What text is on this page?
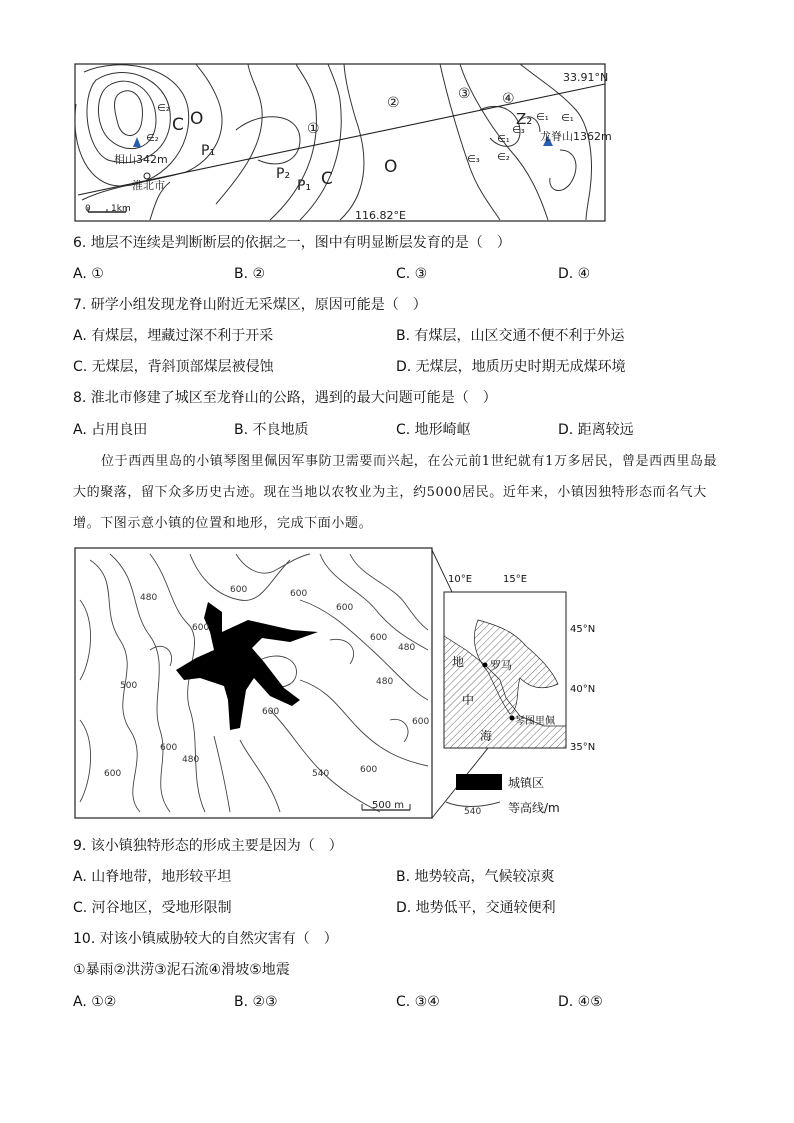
33.91°N
116.82°E
①
②
③ ④
∈₂
∈₂
C O
P₁
P₂
P₁ C
O	∈₃
Z₂
∈₃
∈₁
∈₂
∈₁
∈₁
相山342m
龙脊山1362m
淮北市
0 1km
6. 地层不连续是判断断层的依据之一，图中有明显断层发育的是（　）
A. ①	B. ②	C. ③	D. ④
7. 研学小组发现龙脊山附近无采煤区，原因可能是（　）
A. 有煤层，埋藏过深不利于开采	B. 有煤层，山区交通不便不利于外运
C. 无煤层，背斜顶部煤层被侵蚀	D. 无煤层，地质历史时期无成煤环境
8. 淮北市修建了城区至龙脊山的公路，遇到的最大问题可能是（　）
A. 占用良田	B. 不良地质	C. 地形崎岖	D. 距离较远
位于西西里岛的小镇琴图里佩因军事防卫需要而兴起，在公元前1世纪就有1万多居民，曾是西西里岛最大的聚落，留下众多历史古迹。现在当地以农牧业为主，约5000居民。近年来，小镇因独特形态而名气大增。下图示意小镇的位置和地形，完成下面小题。
480
600
600	600
600
480
600
500
600
480
600
480
540	600
600
600
500 m
10°E	15°E
45°N
40°N
35°N
罗马
琴图里佩
地
中
海
城镇区
540 等高线/m
9. 该小镇独特形态的形成主要是因为（　）
A. 山脊地带，地形较平坦	B. 地势较高，气候较凉爽
C. 河谷地区，受地形限制	D. 地势低平，交通较便利
10. 对该小镇威胁较大的自然灾害有（　）
①暴雨②洪涝③泥石流④滑坡⑤地震
A. ①②	B. ②③	C. ③④	D. ④⑤
